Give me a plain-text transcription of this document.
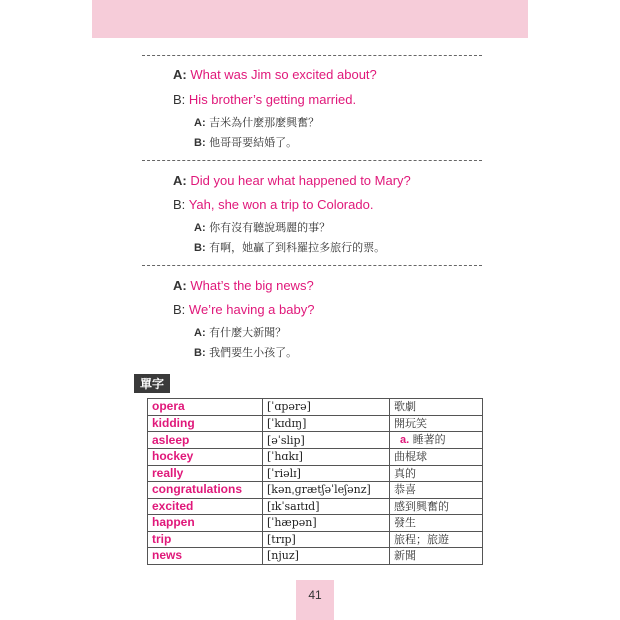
A: What was Jim so excited about?
B: His brother’s getting married.
A: 吉米為什麼那麼興奮？
B: 他哥哥要結婚了。
A: Did you hear what happened to Mary?
B: Yah, she won a trip to Colorado.
A: 你有沒有聽說瑪麗的事？
B: 有啊，她贏了到科羅拉多旅行的票。
A: What’s the big news?
B: We’re having a baby?
A: 有什麼大新聞？
B: 我們要生小孩了。
單字
opera	[ˈɑpərə]	歌劇
kidding	[ˈkɪdɪŋ]	開玩笑
asleep	[əˈslip]	a. 睡著的
hockey	[ˈhɑkɪ]	曲棍球
really	[ˈriəlɪ]	真的
congratulations	[kənˌɡrætʃəˈleʃənz]	恭喜
excited	[ɪkˈsaɪtɪd]	感到興奮的
happen	[ˈhæpən]	發生
trip	[trɪp]	旅程；旅遊
news	[njuz]	新聞
41
